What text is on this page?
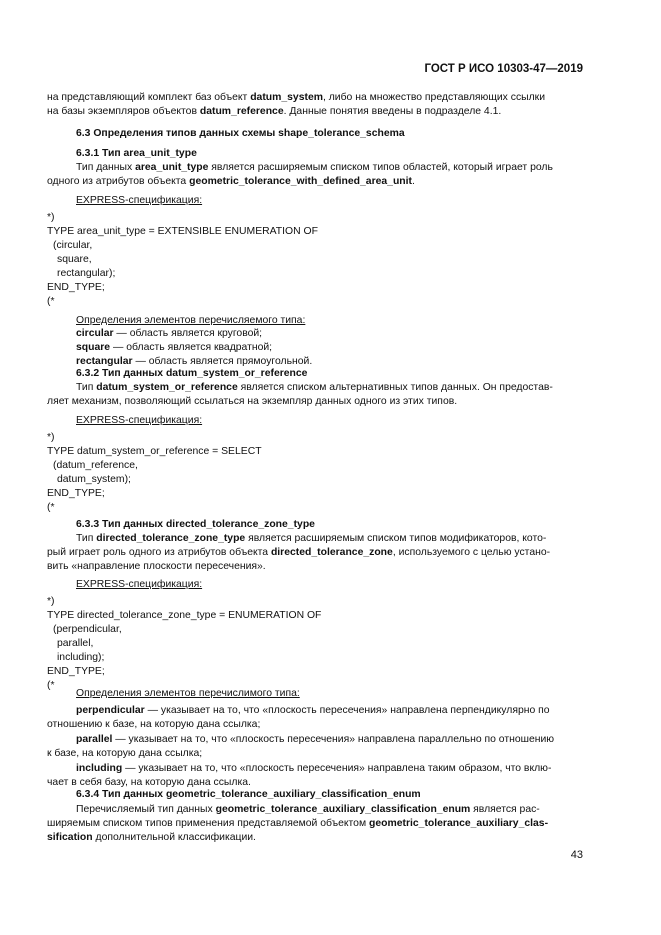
ГОСТ Р ИСО 10303-47—2019
на представляющий комплект баз объект datum_system, либо на множество представляющих ссылки
на базы экземпляров объектов datum_reference. Данные понятия введены в подразделе 4.1.
6.3 Определения типов данных схемы shape_tolerance_schema
6.3.1 Тип area_unit_type
Тип данных area_unit_type является расширяемым списком типов областей, который играет роль
одного из атрибутов объекта geometric_tolerance_with_defined_area_unit.
EXPRESS-спецификация:
*)
TYPE area_unit_type = EXTENSIBLE ENUMERATION OF
(circular,
square,
rectangular);
END_TYPE;
(*
Определения элементов перечисляемого типа:
circular — область является круговой;
square — область является квадратной;
rectangular — область является прямоугольной.
6.3.2 Тип данных datum_system_or_reference
Тип datum_system_or_reference является списком альтернативных типов данных. Он предостав-
ляет механизм, позволяющий ссылаться на экземпляр данных одного из этих типов.
EXPRESS-спецификация:
*)
TYPE datum_system_or_reference = SELECT
(datum_reference,
datum_system);
END_TYPE;
(*
6.3.3 Тип данных directed_tolerance_zone_type
Тип directed_tolerance_zone_type является расширяемым списком типов модификаторов, кото-
рый играет роль одного из атрибутов объекта directed_tolerance_zone, используемого с целью устано-
вить «направление плоскости пересечения».
EXPRESS-спецификация:
*)
TYPE directed_tolerance_zone_type = ENUMERATION OF
(perpendicular,
parallel,
including);
END_TYPE;
(*
Определения элементов перечислимого типа:
perpendicular — указывает на то, что «плоскость пересечения» направлена перпендикулярно по
отношению к базе, на которую дана ссылка;
parallel — указывает на то, что «плоскость пересечения» направлена параллельно по отношению
к базе, на которую дана ссылка;
including — указывает на то, что «плоскость пересечения» направлена таким образом, что вклю-
чает в себя базу, на которую дана ссылка.
6.3.4 Тип данных geometric_tolerance_auxiliary_classification_enum
Перечисляемый тип данных geometric_tolerance_auxiliary_classification_enum является рас-
ширяемым списком типов применения представляемой объектом geometric_tolerance_auxiliary_clas-
sification дополнительной классификации.
43
